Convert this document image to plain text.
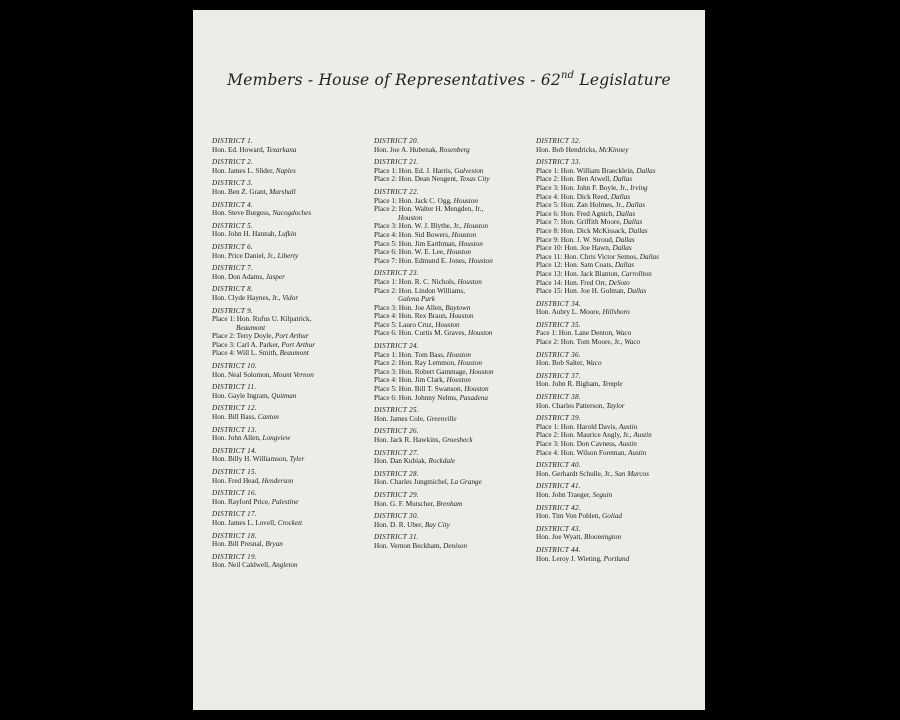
Members - House of Representatives - 62nd Legislature
DISTRICT 1.
Hon. Ed. Howard, Texarkana
DISTRICT 2.
Hon. James L. Slider, Naples
DISTRICT 3.
Hon. Ben Z. Grant, Marshall
DISTRICT 4.
Hon. Steve Burgess, Nacogdoches
DISTRICT 5.
Hon. John H. Hannah, Lufkin
DISTRICT 6.
Hon. Price Daniel, Jr., Liberty
DISTRICT 7.
Hon. Don Adams, Jasper
DISTRICT 8.
Hon. Clyde Haynes, Jr., Vidor
DISTRICT 9.
Place 1: Hon. Rufus U. Kilpatrick,
Beaumont
Place 2: Terry Doyle, Port Arthur
Place 3: Carl A. Parker, Port Arthur
Place 4: Will L. Smith, Beaumont
DISTRICT 10.
Hon. Neal Solomon, Mount Vernon
DISTRICT 11.
Hon. Gayle Ingram, Quitman
DISTRICT 12.
Hon. Bill Bass, Canton
DISTRICT 13.
Hon. John Allen, Longview
DISTRICT 14.
Hon. Billy H. Williamson, Tyler
DISTRICT 15.
Hon. Fred Head, Henderson
DISTRICT 16.
Hon. Rayford Price, Palestine
DISTRICT 17.
Hon. James L. Lovell, Crockett
DISTRICT 18.
Hon. Bill Presnal, Bryan
DISTRICT 19.
Hon. Neil Caldwell, Angleton
DISTRICT 20.
Hon. Joe A. Hubenak, Rosenberg
DISTRICT 21.
Place 1: Hon. Ed. J. Harris, Galveston
Place 2: Hon. Dean Neugent, Texas City
DISTRICT 22.
Place 1: Hon. Jack C. Ogg, Houston
Place 2: Hon. Walter H. Mengden, Jr.,
Houston
Place 3: Hon. W. J. Blythe, Jr., Houston
Place 4: Hon. Sid Bowers, Houston
Place 5: Hon. Jim Earthman, Houston
Place 6: Hon. W. E. Lee, Houston
Place 7: Hon. Edmund E. Jones, Houston
DISTRICT 23.
Place 1: Hon. R. C. Nichols, Houston
Place 2: Hon. Lindon Williams,
Galena Park
Place 3: Hon. Joe Allen, Baytown
Place 4: Hon. Rex Braun, Houston
Place 5: Lauro Cruz, Houston
Place 6: Hon. Curtis M. Graves, Houston
DISTRICT 24.
Place 1: Hon. Tom Bass, Houston
Place 2: Hon. Ray Lemmon, Houston
Place 3: Hon. Robert Gammage, Houston
Place 4: Hon. Jim Clark, Houston
Place 5: Hon. Bill T. Swanson, Houston
Place 6: Hon. Johnny Nelms, Pasadena
DISTRICT 25.
Hon. James Cole, Greenville
DISTRICT 26.
Hon. Jack R. Hawkins, Groesbeck
DISTRICT 27.
Hon. Dan Kubiak, Rockdale
DISTRICT 28.
Hon. Charles Jungmichel, La Grange
DISTRICT 29.
Hon. G. F. Mutscher, Brenham
DISTRICT 30.
Hon. D. R. Uber, Bay City
DISTRICT 31.
Hon. Vernon Beckham, Denison
DISTRICT 32.
Hon. Bob Hendricks, McKinney
DISTRICT 33.
Place 1: Hon. William Braecklein, Dallas
Place 2: Hon. Ben Atwell, Dallas
Place 3: Hon. John F. Boyle, Jr., Irving
Place 4: Hon. Dick Reed, Dallas
Place 5: Hon. Zan Holmes, Jr., Dallas
Place 6: Hon. Fred Agnich, Dallas
Place 7: Hon. Griffith Moore, Dallas
Place 8: Hon. Dick McKissack, Dallas
Place 9: Hon. J. W. Stroud, Dallas
Place 10: Hon. Joe Hawn, Dallas
Place 11: Hon. Chris Victor Semos, Dallas
Place 12: Hon. Sam Coats, Dallas
Place 13: Hon. Jack Blanton, Carrollton
Place 14: Hon. Fred Orr, DeSoto
Place 15: Hon. Joe H. Golman, Dallas
DISTRICT 34.
Hon. Aubry L. Moore, Hillsboro
DISTRICT 35.
Pace 1: Hon. Lane Denton, Waco
Place 2: Hon. Tom Moore, Jr., Waco
DISTRICT 36.
Hon. Bob Salter, Waco
DISTRICT 37.
Hon. John R. Bigham, Temple
DISTRICT 38.
Hon. Charles Patterson, Taylor
DISTRICT 39.
Place 1: Hon. Harold Davis, Austin
Place 2: Hon. Maurice Angly, Jr., Austin
Place 3: Hon. Don Cavness, Austin
Place 4: Hon. Wilson Foreman, Austin
DISTRICT 40.
Hon. Gerhardt Schulle, Jr., San Marcos
DISTRICT 41.
Hon. John Traeger, Seguin
DISTRICT 42.
Hon. Tim Von Pohlen, Goliad
DISTRICT 43.
Hon. Joe Wyatt, Bloomington
DISTRICT 44.
Hon. Leroy J. Wieting, Portland
